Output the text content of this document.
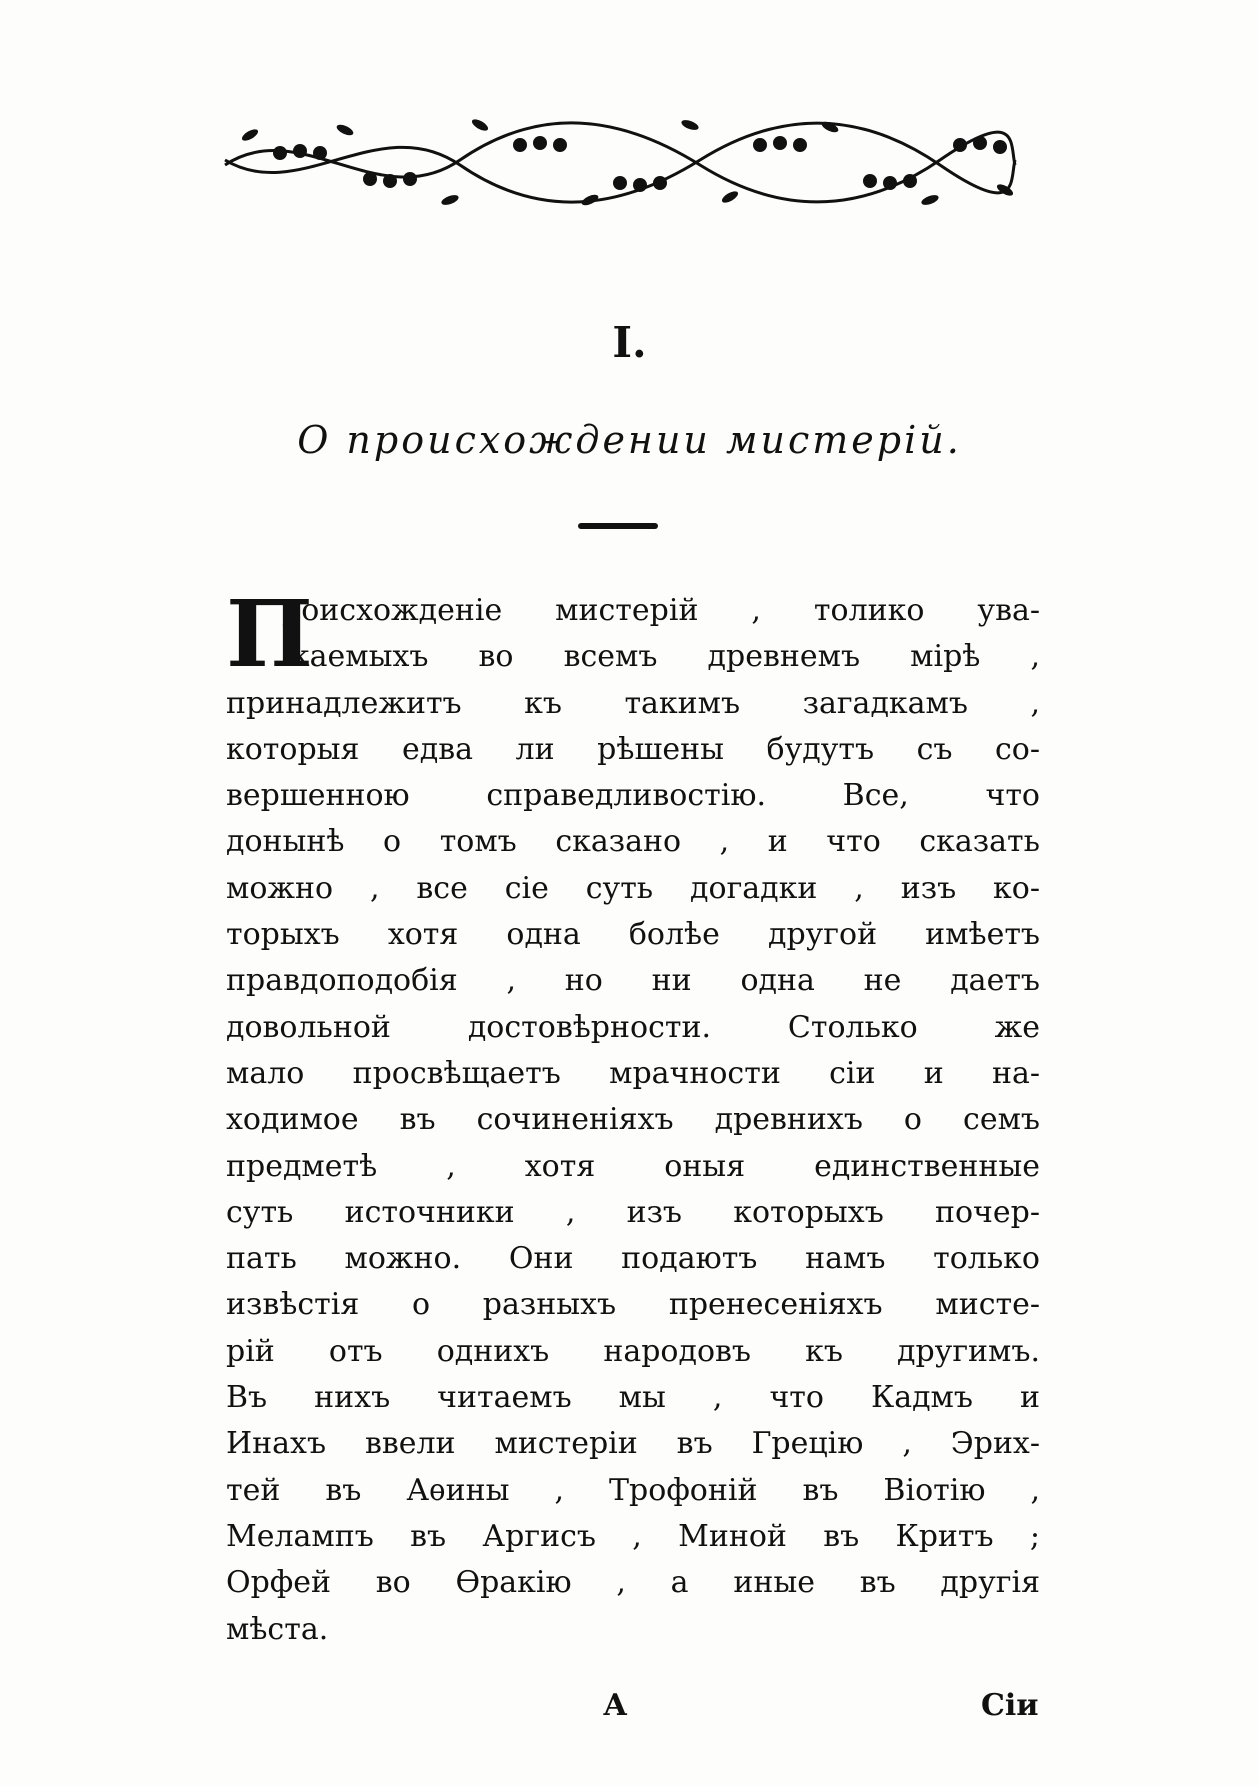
I.
О происхождении мистерій.
П
роисхожденіе мистерій , толико ува-
жаемыхъ во всемъ древнемъ мірѣ ,
принадлежитъ къ такимъ загадкамъ ,
которыя едва ли рѣшены будутъ съ со-
вершенною справедливостію. Все, что
донынѣ о томъ сказано , и что сказать
можно , все сіе суть догадки , изъ ко-
торыхъ хотя одна болѣе другой имѣетъ
правдоподобія , но ни одна не даетъ
довольной достовѣрности. Столько же
мало просвѣщаетъ мрачности сіи и на-
ходимое въ сочиненіяхъ древнихъ о семъ
предметѣ , хотя оныя единственные
суть источники , изъ которыхъ почер-
пать можно. Они подаютъ намъ только
извѣстія о разныхъ пренесеніяхъ мисте-
рій отъ однихъ народовъ къ другимъ.
Въ нихъ читаемъ мы , что Кадмъ и
Инахъ ввели мистеріи въ Грецію , Эрих-
тей въ Аѳины , Трофоній въ Віотію ,
Мелампъ въ Аргисъ , Миной въ Критъ ;
Орфей во Ѳракію , а иные въ другія
мѣста.
А	Сіи
